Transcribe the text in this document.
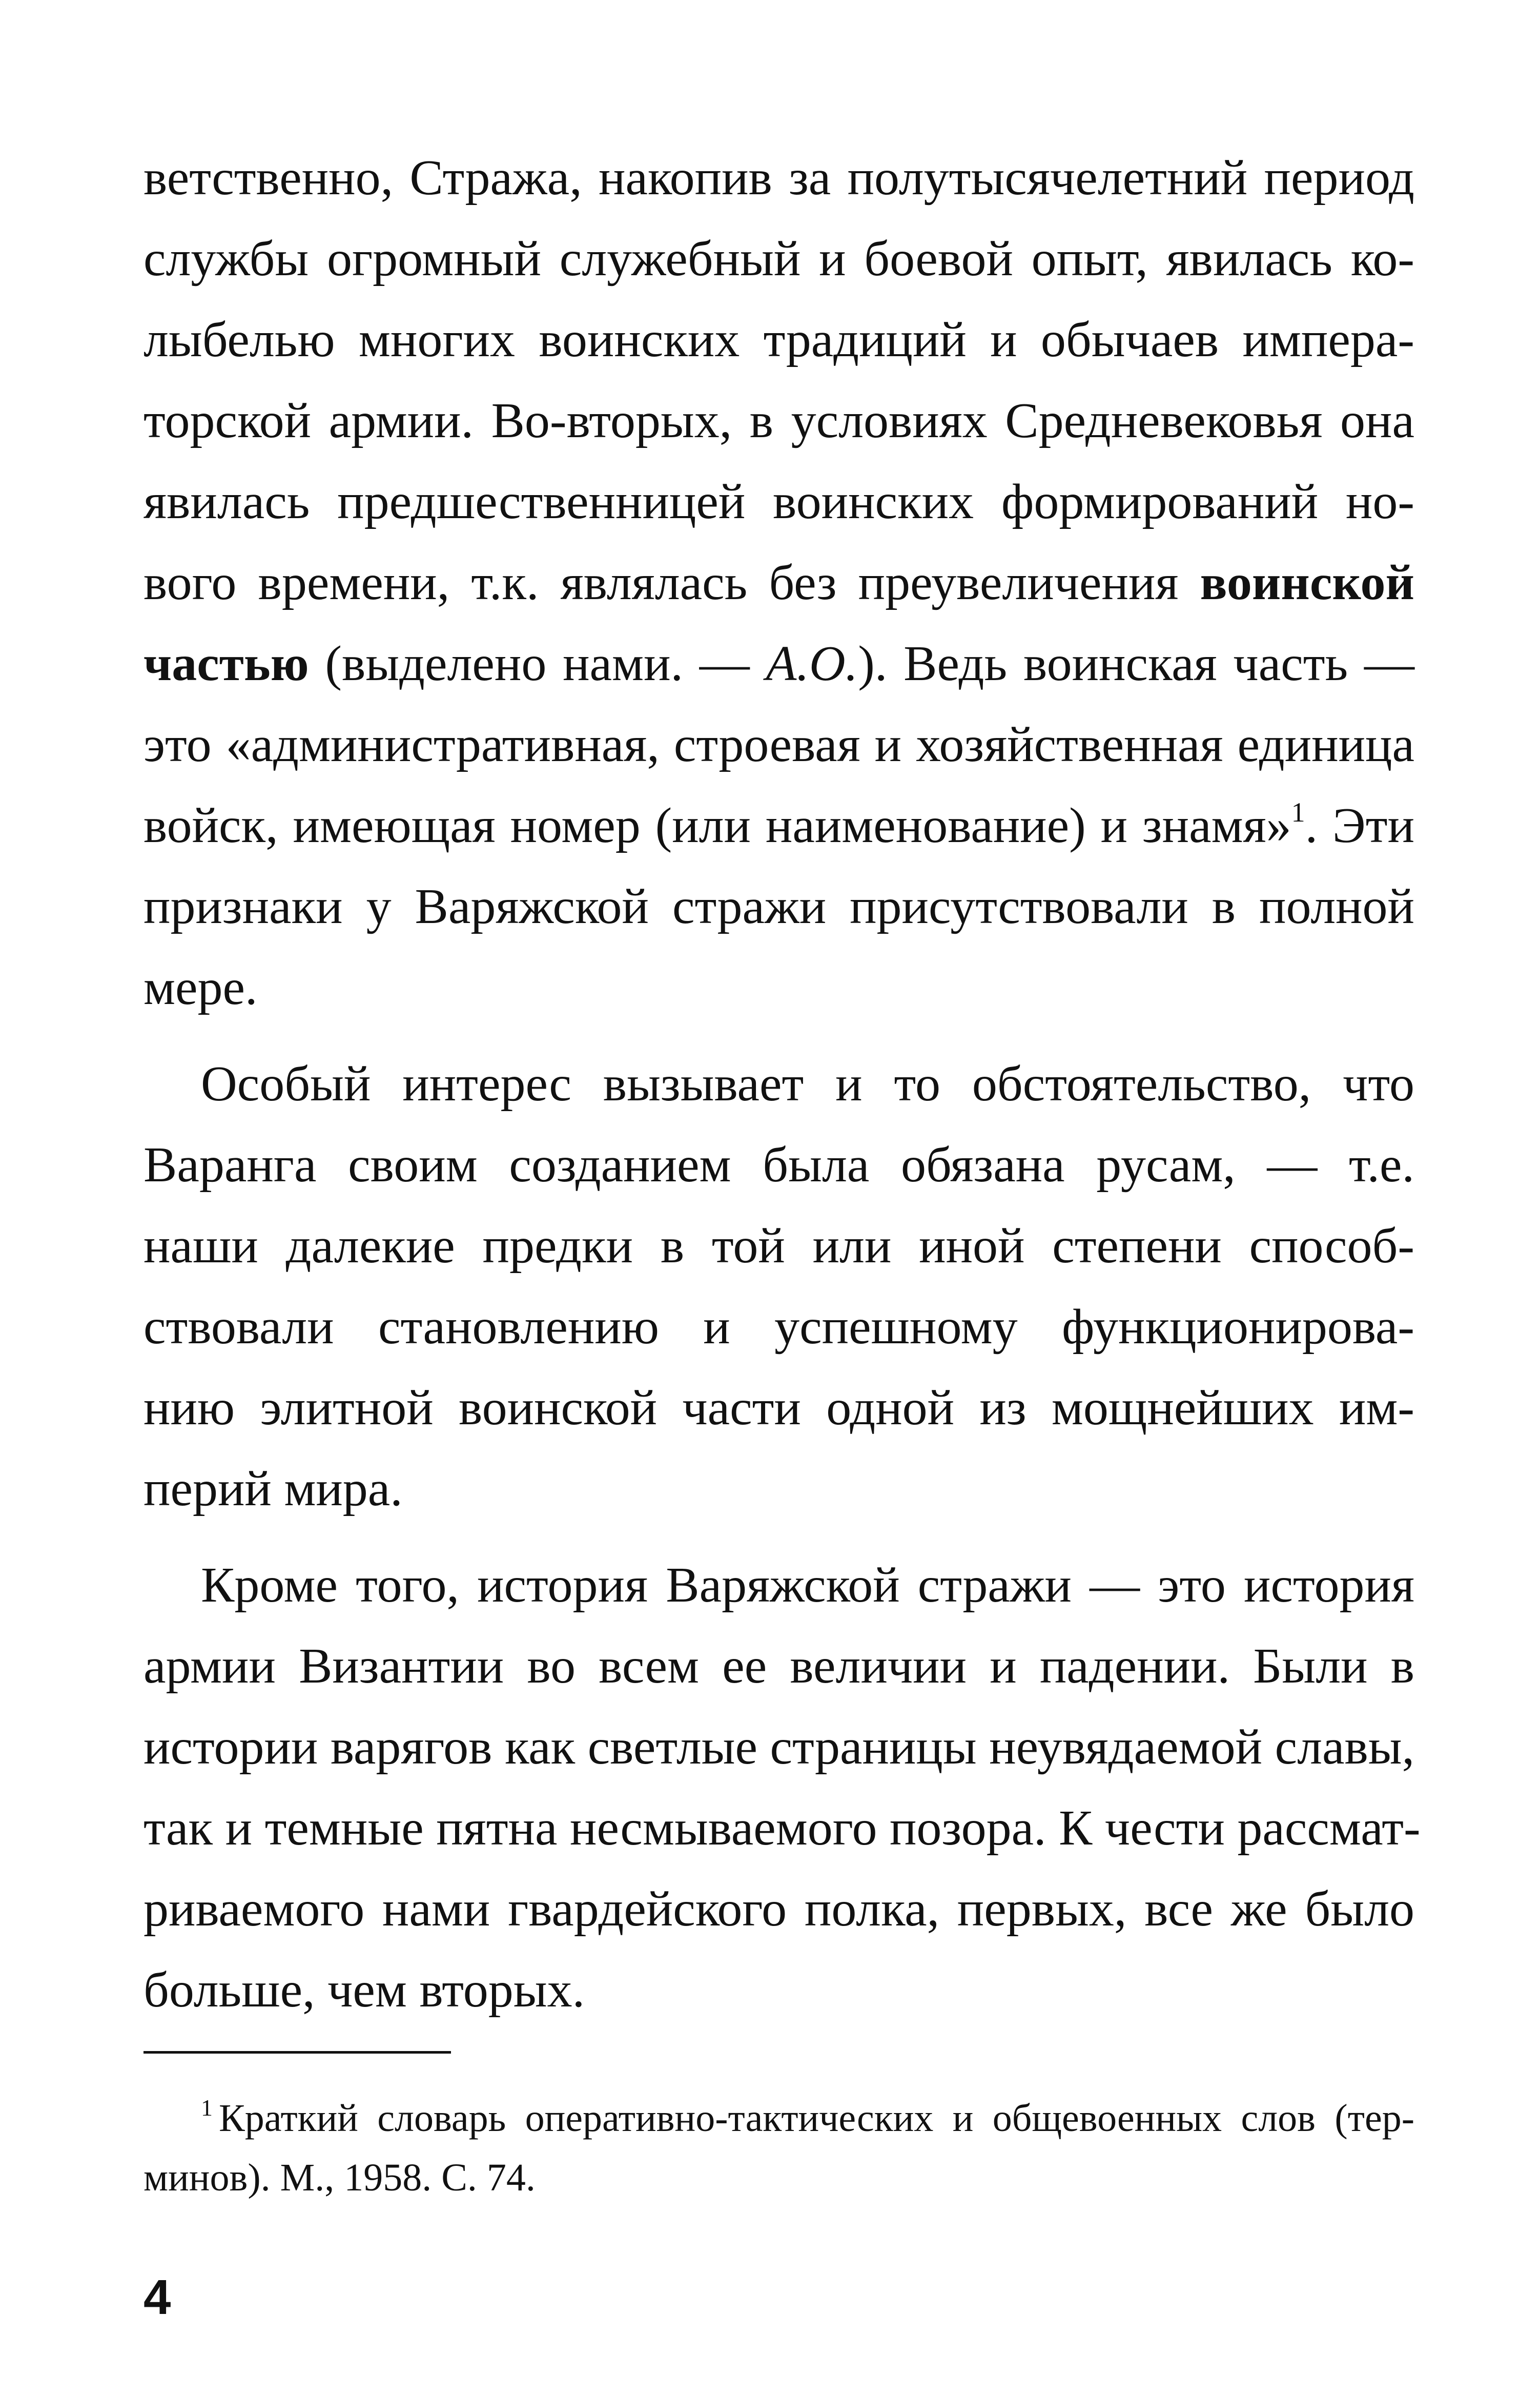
ветственно, Стража, накопив за полутысячелетний период
службы огромный служебный и боевой опыт, явилась ко-
лыбелью многих воинских традиций и обычаев импера-
торской армии. Во-вторых, в условиях Средневековья она
явилась предшественницей воинских формирований но-
вого времени, т.к. являлась без преувеличения воинской
частью (выделено нами. — А.О.). Ведь воинская часть —
это «административная, строевая и хозяйственная единица
войск, имеющая номер (или наименование) и знамя»$^1$. Эти
признаки у Варяжской стражи присутствовали в полной
мере.
Особый интерес вызывает и то обстоятельство, что
Варанга своим созданием была обязана русам, — т.е.
наши далекие предки в той или иной степени способ-
ствовали становлению и успешному функционирова-
нию элитной воинской части одной из мощнейших им-
перий мира.
Кроме того, история Варяжской стражи — это история
армии Византии во всем ее величии и падении. Были в
истории варягов как светлые страницы неувядаемой славы,
так и темные пятна несмываемого позора. К чести рассмат-
риваемого нами гвардейского полка, первых, все же было
больше, чем вторых.
$^1$ Краткий словарь оперативно-тактических и общевоенных слов (тер-
минов). М., 1958. С. 74.
4
